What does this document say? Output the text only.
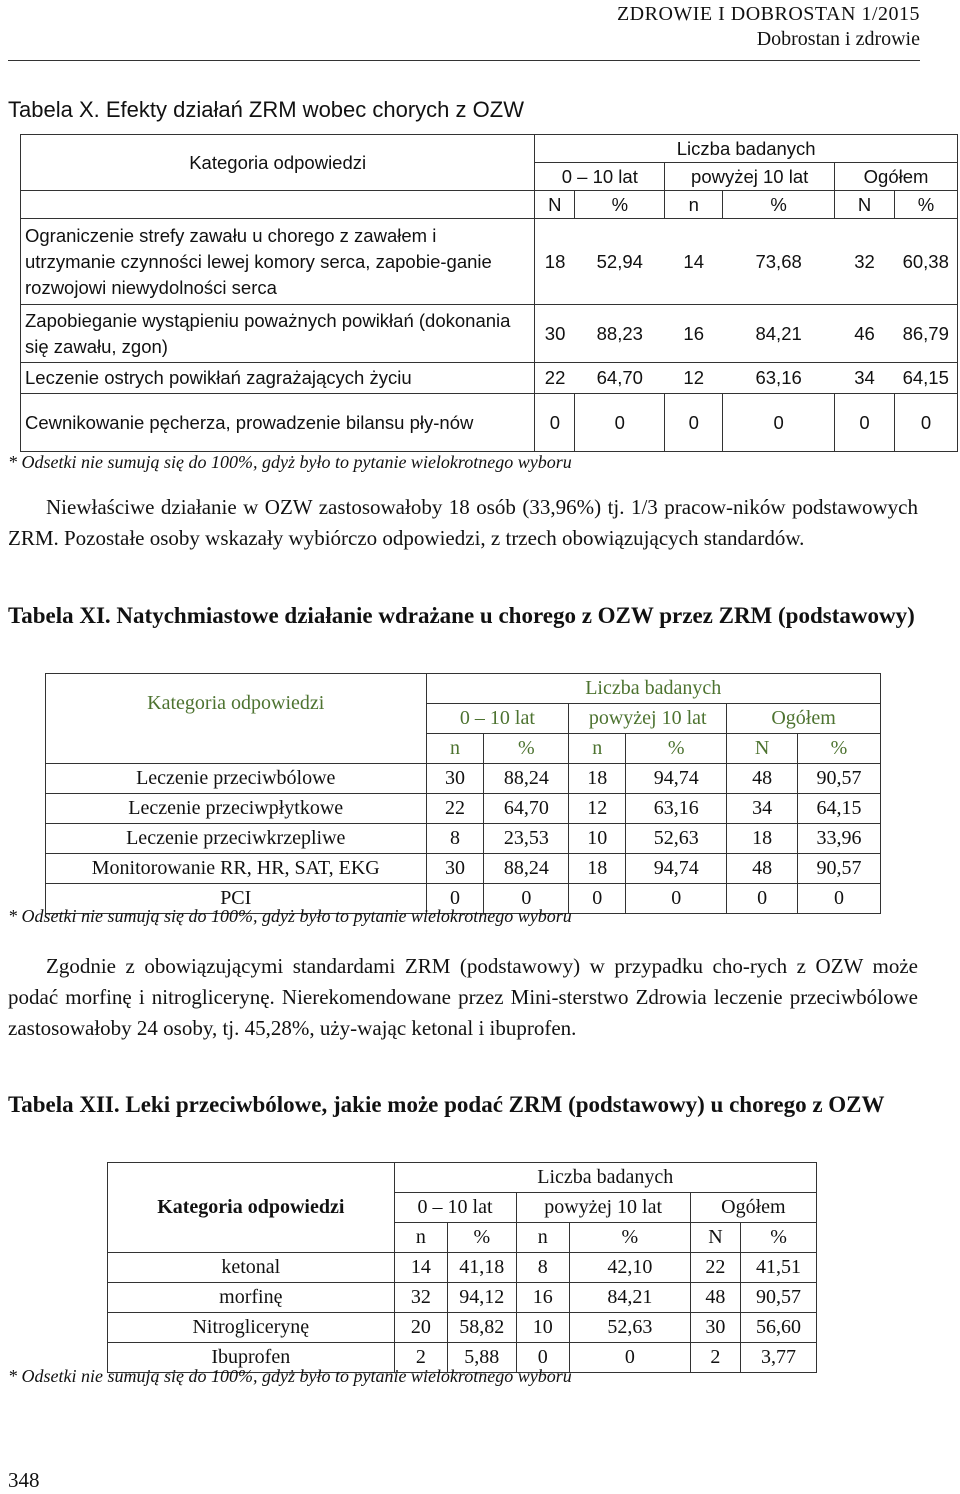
ZDROWIE I DOBROSTAN 1/2015
Dobrostan i zdrowie
Tabela X. Efekty działań ZRM wobec chorych z OZW
Kategoria odpowiedzi	Liczba badanych					
	0 – 10 lat		powyżej 10 lat		Ogółem	
	N	%	n	%	N	%
Ograniczenie strefy zawału u chorego z zawałem i utrzymanie czynności lewej komory serca, zapobie-ganie rozwojowi niewydolności serca	18	52,94	14	73,68	32	60,38
Zapobieganie wystąpieniu poważnych powikłań (dokonania się zawału, zgon)	30	88,23	16	84,21	46	86,79
Leczenie ostrych powikłań zagrażających życiu	22	64,70	12	63,16	34	64,15
Cewnikowanie pęcherza, prowadzenie bilansu pły-nów	0	0	0	0	0	0
* Odsetki nie sumują się do 100%, gdyż było to pytanie wielokrotnego wyboru
Niewłaściwe działanie w OZW zastosowałoby 18 osób (33,96%) tj. 1/3 pracow-ników podstawowych ZRM. Pozostałe osoby wskazały wybiórczo odpowiedzi, z trzech obowiązujących standardów.
Tabela XI. Natychmiastowe działanie wdrażane u chorego z OZW przez ZRM (podstawowy)
Kategoria odpowiedzi	Liczba badanych					
	0 – 10 lat		powyżej 10 lat		Ogółem	
	n	%	n	%	N	%
Leczenie przeciwbólowe	30	88,24	18	94,74	48	90,57
Leczenie przeciwpłytkowe	22	64,70	12	63,16	34	64,15
Leczenie przeciwkrzepliwe	8	23,53	10	52,63	18	33,96
Monitorowanie RR, HR, SAT, EKG	30	88,24	18	94,74	48	90,57
PCI	0	0	0	0	0	0
* Odsetki nie sumują się do 100%, gdyż było to pytanie wielokrotnego wyboru
Zgodnie z obowiązującymi standardami ZRM (podstawowy) w przypadku cho-rych z OZW może podać morfinę i nitroglicerynę. Nierekomendowane przez Mini-sterstwo Zdrowia leczenie przeciwbólowe zastosowałoby 24 osoby, tj. 45,28%, uży-wając ketonal i ibuprofen.
Tabela XII. Leki przeciwbólowe, jakie może podać ZRM (podstawowy) u chorego z OZW
Kategoria odpowiedzi	Liczba badanych					
	0 – 10 lat		powyżej 10 lat		Ogółem	
	n	%	n	%	N	%
ketonal	14	41,18	8	42,10	22	41,51
morfinę	32	94,12	16	84,21	48	90,57
Nitroglicerynę	20	58,82	10	52,63	30	56,60
Ibuprofen	2	5,88	0	0	2	3,77
* Odsetki nie sumują się do 100%, gdyż było to pytanie wielokrotnego wyboru
348
